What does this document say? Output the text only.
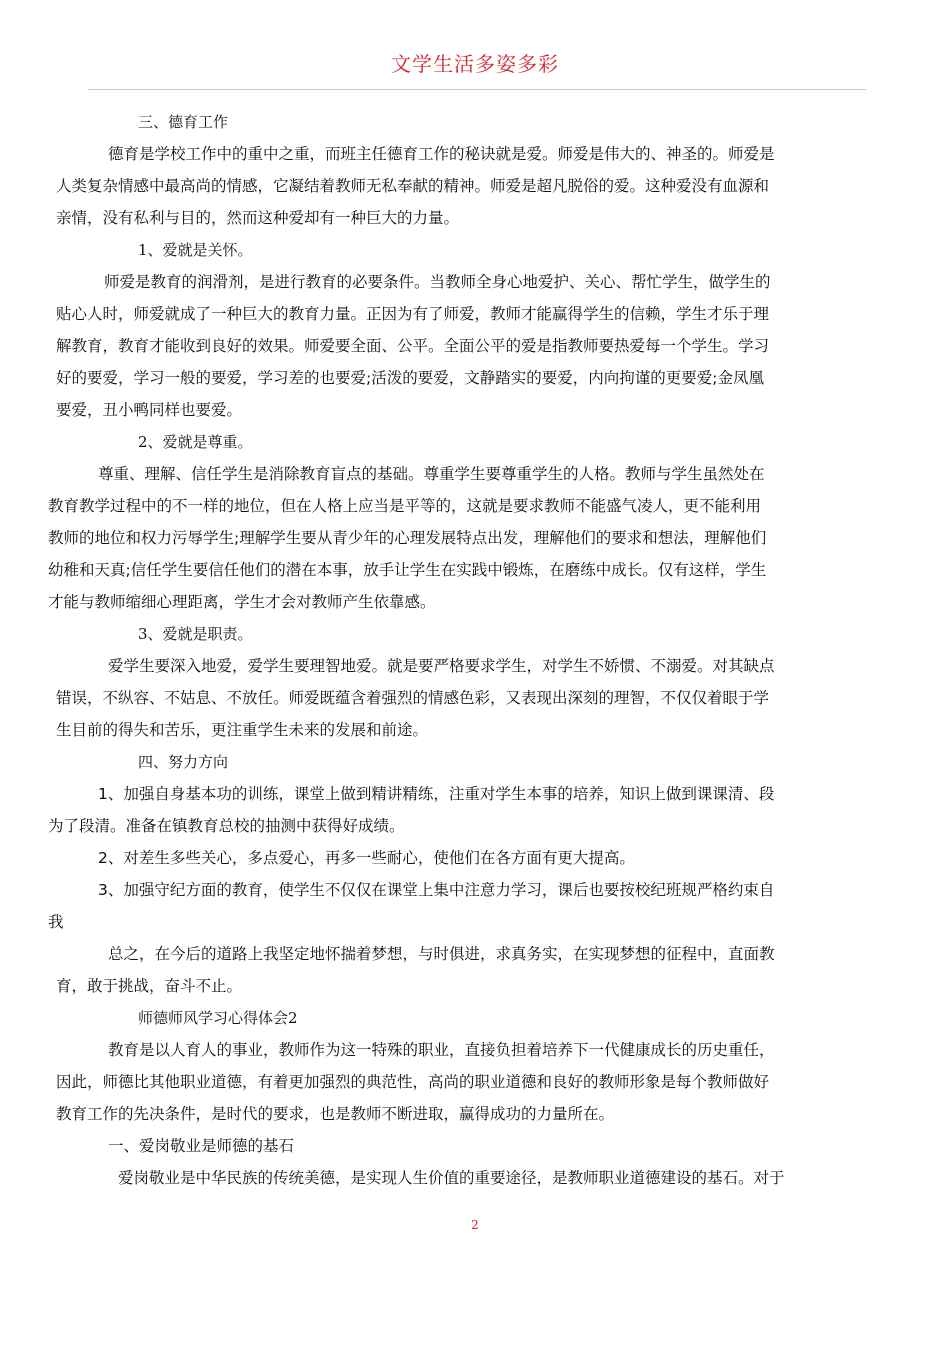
文学生活多姿多彩
三、德育工作
德育是学校工作中的重中之重，而班主任德育工作的秘诀就是爱。师爱是伟大的、神圣的。师爱是
人类复杂情感中最高尚的情感，它凝结着教师无私奉献的精神。师爱是超凡脱俗的爱。这种爱没有血源和
亲情，没有私利与目的，然而这种爱却有一种巨大的力量。
1、爱就是关怀。
师爱是教育的润滑剂，是进行教育的必要条件。当教师全身心地爱护、关心、帮忙学生，做学生的
贴心人时，师爱就成了一种巨大的教育力量。正因为有了师爱，教师才能赢得学生的信赖，学生才乐于理
解教育，教育才能收到良好的效果。师爱要全面、公平。全面公平的爱是指教师要热爱每一个学生。学习
好的要爱，学习一般的要爱，学习差的也要爱;活泼的要爱，文静踏实的要爱，内向拘谨的更要爱;金凤凰
要爱，丑小鸭同样也要爱。
2、爱就是尊重。
尊重、理解、信任学生是消除教育盲点的基础。尊重学生要尊重学生的人格。教师与学生虽然处在
教育教学过程中的不一样的地位，但在人格上应当是平等的，这就是要求教师不能盛气凌人，更不能利用
教师的地位和权力污辱学生;理解学生要从青少年的心理发展特点出发，理解他们的要求和想法，理解他们
幼稚和天真;信任学生要信任他们的潜在本事，放手让学生在实践中锻炼，在磨练中成长。仅有这样，学生
才能与教师缩细心理距离，学生才会对教师产生依靠感。
3、爱就是职责。
爱学生要深入地爱，爱学生要理智地爱。就是要严格要求学生，对学生不娇惯、不溺爱。对其缺点
错误，不纵容、不姑息、不放任。师爱既蕴含着强烈的情感色彩，又表现出深刻的理智，不仅仅着眼于学
生目前的得失和苦乐，更注重学生未来的发展和前途。
四、努力方向
1、加强自身基本功的训练，课堂上做到精讲精练，注重对学生本事的培养，知识上做到课课清、段
为了段清。准备在镇教育总校的抽测中获得好成绩。
2、对差生多些关心，多点爱心，再多一些耐心，使他们在各方面有更大提高。
3、加强守纪方面的教育，使学生不仅仅在课堂上集中注意力学习，课后也要按校纪班规严格约束自
我
总之，在今后的道路上我坚定地怀揣着梦想，与时俱进，求真务实，在实现梦想的征程中，直面教
育，敢于挑战，奋斗不止。
师德师风学习心得体会2
教育是以人育人的事业，教师作为这一特殊的职业，直接负担着培养下一代健康成长的历史重任，
因此，师德比其他职业道德，有着更加强烈的典范性，高尚的职业道德和良好的教师形象是每个教师做好
教育工作的先决条件，是时代的要求，也是教师不断进取，赢得成功的力量所在。
一、爱岗敬业是师德的基石
爱岗敬业是中华民族的传统美德，是实现人生价值的重要途径，是教师职业道德建设的基石。对于
2
